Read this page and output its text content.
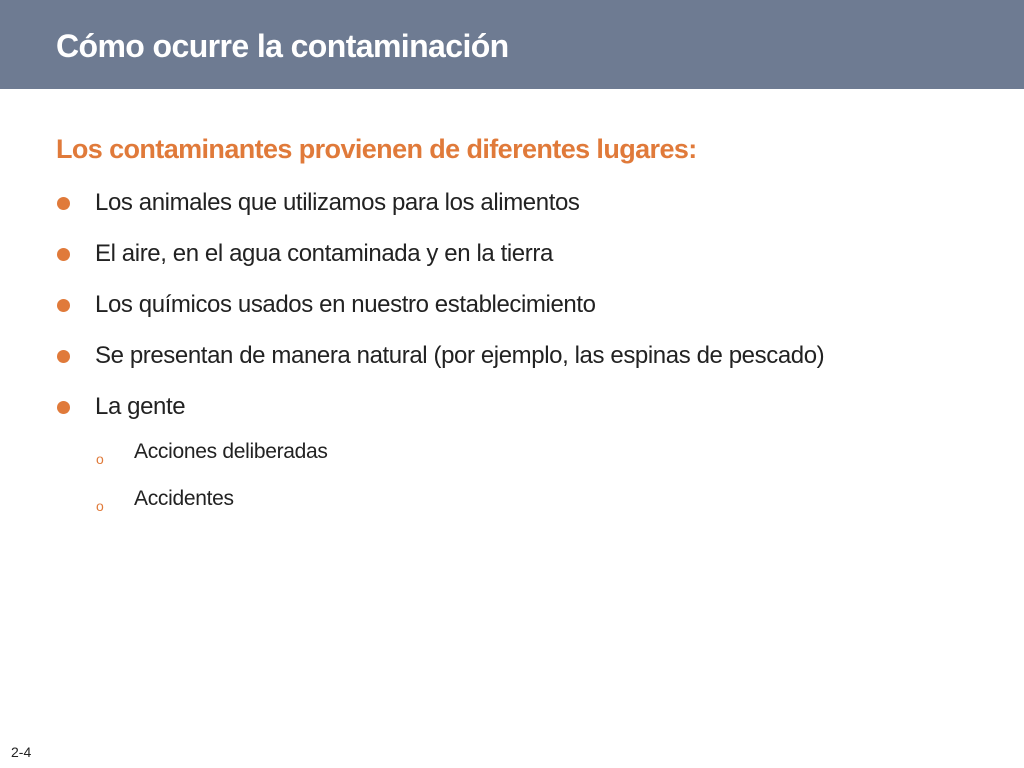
Cómo ocurre la contaminación
Los contaminantes provienen de diferentes lugares:
Los animales que utilizamos para los alimentos
El aire, en el agua contaminada y en la tierra
Los químicos usados en nuestro establecimiento
Se presentan de manera natural (por ejemplo, las espinas de pescado)
La gente
o Acciones deliberadas
o Accidentes
2-4
